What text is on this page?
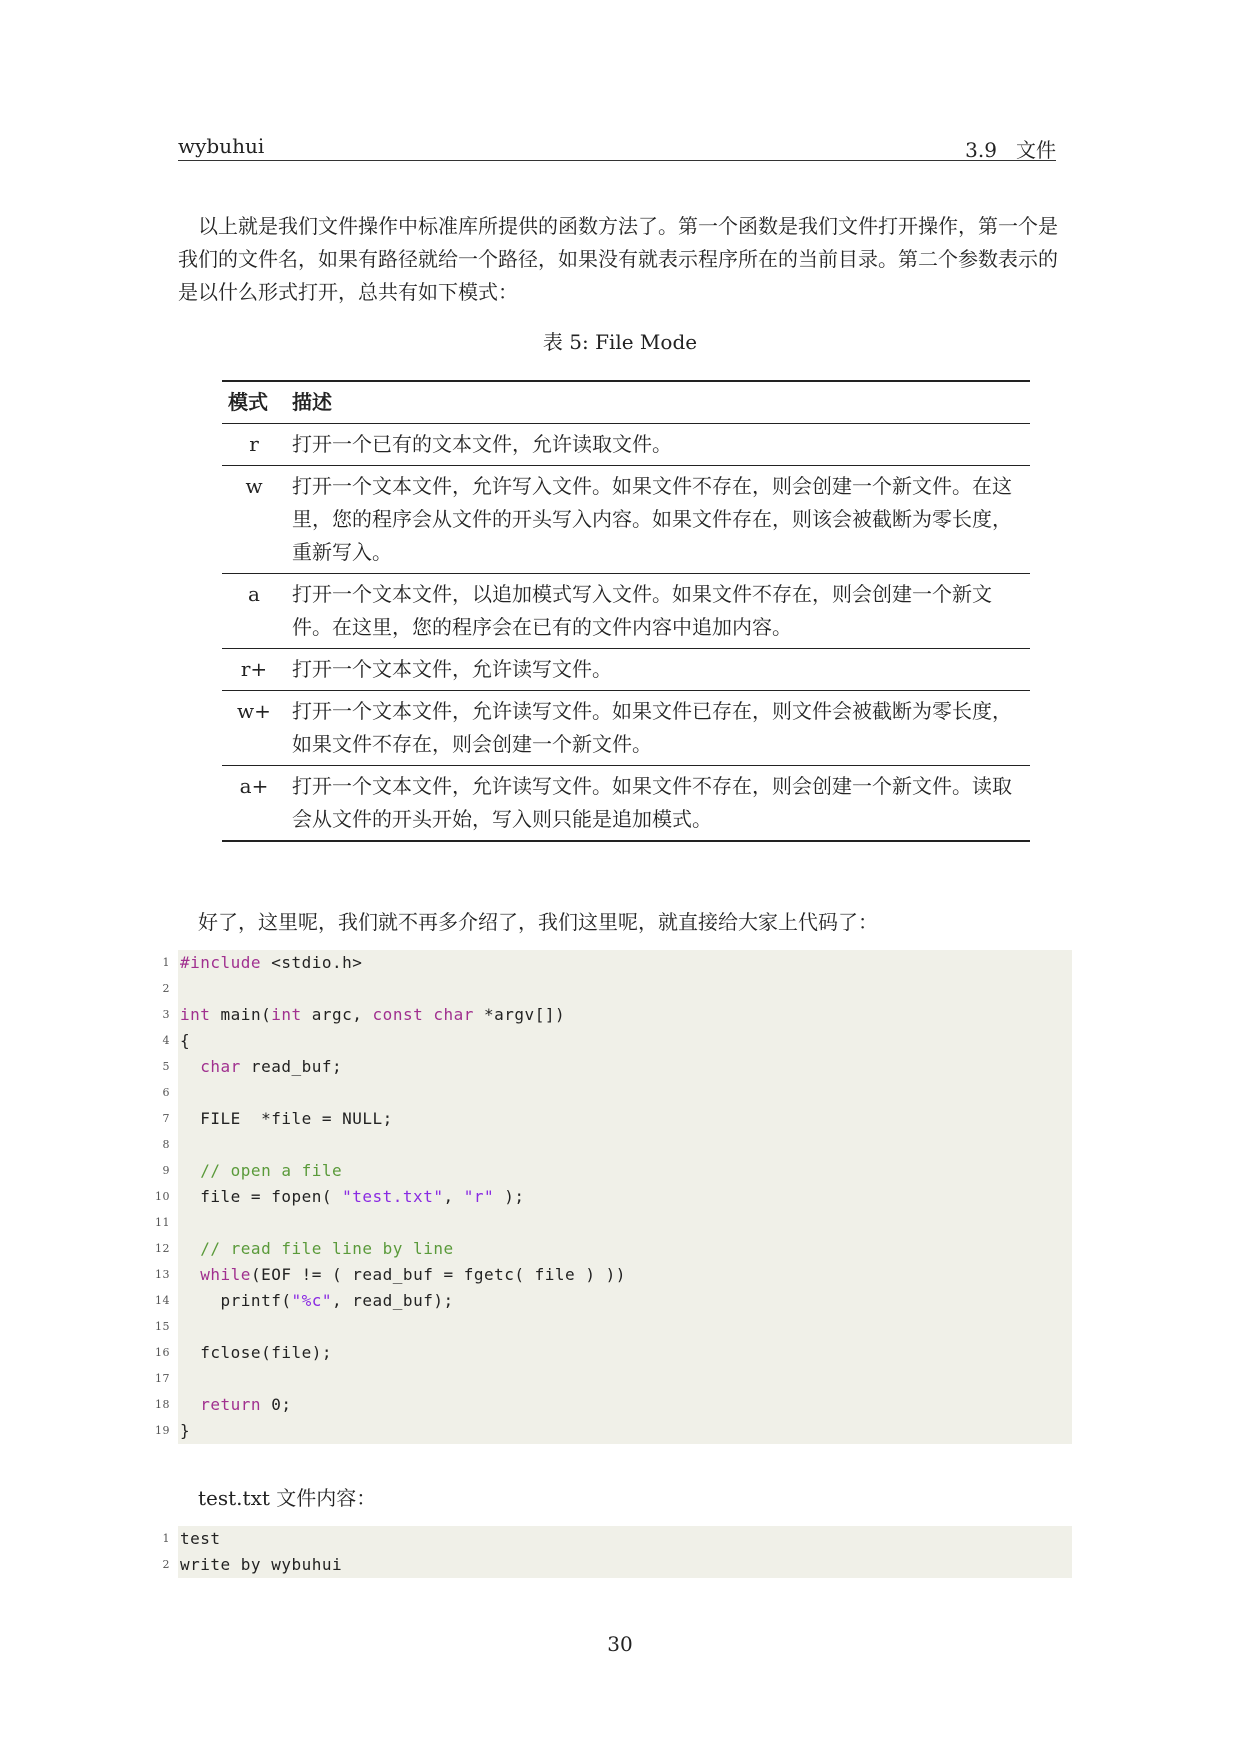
wybuhui	3.9 文件

以上就是我们文件操作中标准库所提供的函数方法了。第一个函数是我们文件打开操作，第一个是我们的文件名，如果有路径就给一个路径，如果没有就表示程序所在的当前目录。第二个参数表示的是以什么形式打开，总共有如下模式：

表 5: File Mode
模式	描述
r	打开一个已有的文本文件，允许读取文件。
w	打开一个文本文件，允许写入文件。如果文件不存在，则会创建一个新文件。在这里，您的程序会从文件的开头写入内容。如果文件存在，则该会被截断为零长度，重新写入。
a	打开一个文本文件，以追加模式写入文件。如果文件不存在，则会创建一个新文件。在这里，您的程序会在已有的文件内容中追加内容。
r+	打开一个文本文件，允许读写文件。
w+	打开一个文本文件，允许读写文件。如果文件已存在，则文件会被截断为零长度，如果文件不存在，则会创建一个新文件。
a+	打开一个文本文件，允许读写文件。如果文件不存在，则会创建一个新文件。读取会从文件的开头开始，写入则只能是追加模式。

好了，这里呢，我们就不再多介绍了，我们这里呢，就直接给大家上代码了：

1 #include <stdio.h>
2
3 int main(int argc, const char *argv[])
4 {
5 char read_buf;
6
7 FILE  *file = NULL;
8
9 // open a file
10 file = fopen( "test.txt", "r" );
11
12 // read file line by line
13 while(EOF != ( read_buf = fgetc( file ) ))
14 printf("%c", read_buf);
15
16 fclose(file);
17
18 return 0;
19 }

test.txt 文件内容：

1 test
2 write by wybuhui
30
